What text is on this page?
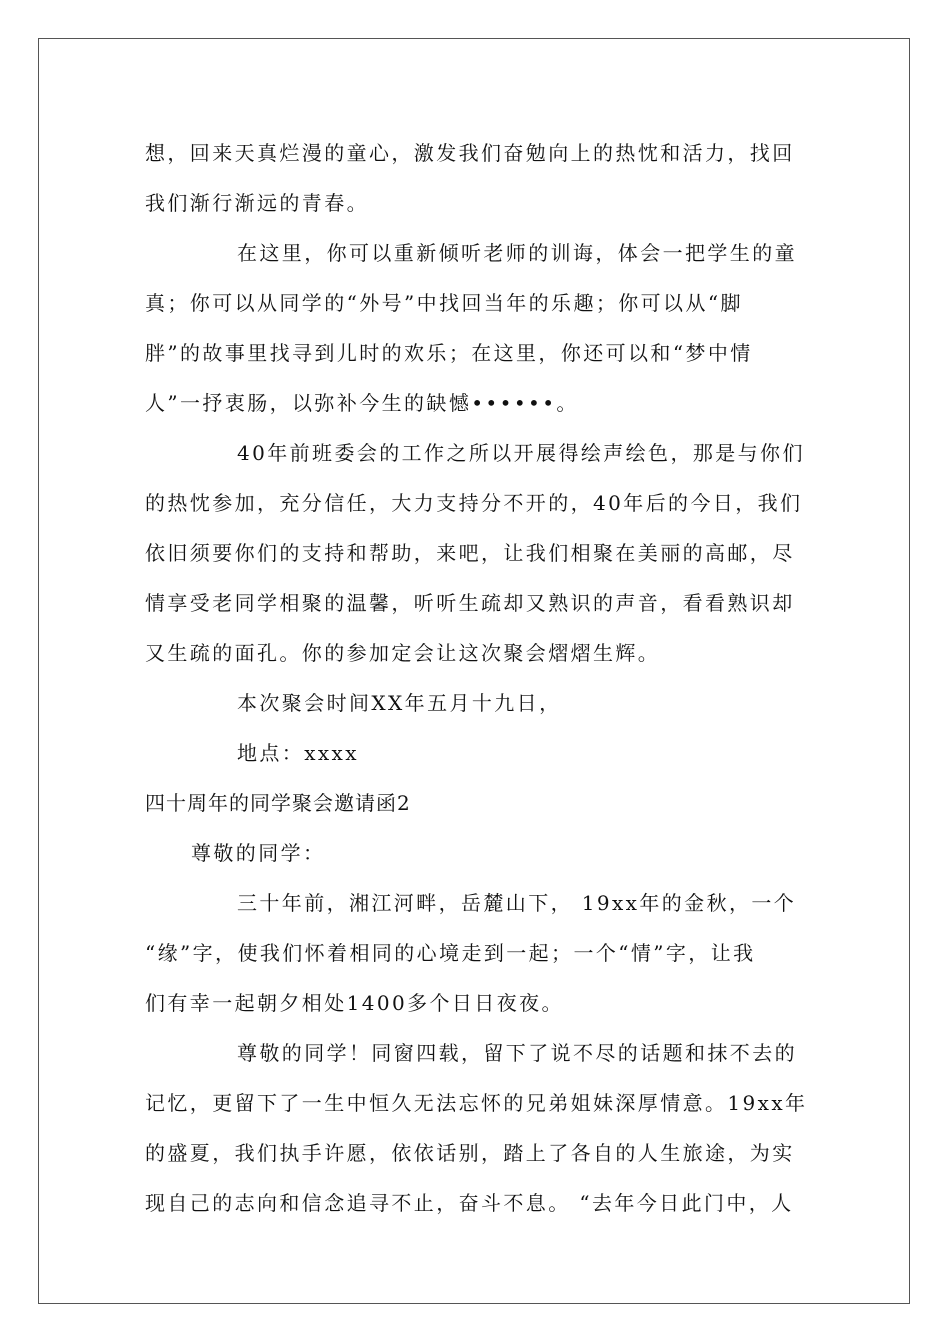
想，回来天真烂漫的童心，激发我们奋勉向上的热忱和活力，找回
我们渐行渐远的青春。
在这里，你可以重新倾听老师的训诲，体会一把学生的童
真；你可以从同学的“外号”中找回当年的乐趣；你可以从“脚
胖”的故事里找寻到儿时的欢乐；在这里，你还可以和“梦中情
人”一抒衷肠，以弥补今生的缺憾••••••。
40年前班委会的工作之所以开展得绘声绘色，那是与你们
的热忱参加，充分信任，大力支持分不开的，40年后的今日，我们
依旧须要你们的支持和帮助，来吧，让我们相聚在美丽的高邮，尽
情享受老同学相聚的温馨，听听生疏却又熟识的声音，看看熟识却
又生疏的面孔。你的参加定会让这次聚会熠熠生辉。
本次聚会时间XX年五月十九日，
地点：xxxx
四十周年的同学聚会邀请函2
尊敬的同学：
三十年前，湘江河畔，岳麓山下， 19xx年的金秋，一个
“缘”字，使我们怀着相同的心境走到一起；一个“情”字，让我
们有幸一起朝夕相处1400多个日日夜夜。
尊敬的同学！同窗四载，留下了说不尽的话题和抹不去的
记忆，更留下了一生中恒久无法忘怀的兄弟姐妹深厚情意。19xx年
的盛夏，我们执手许愿，依依话别，踏上了各自的人生旅途，为实
现自己的志向和信念追寻不止，奋斗不息。 “去年今日此门中，人
